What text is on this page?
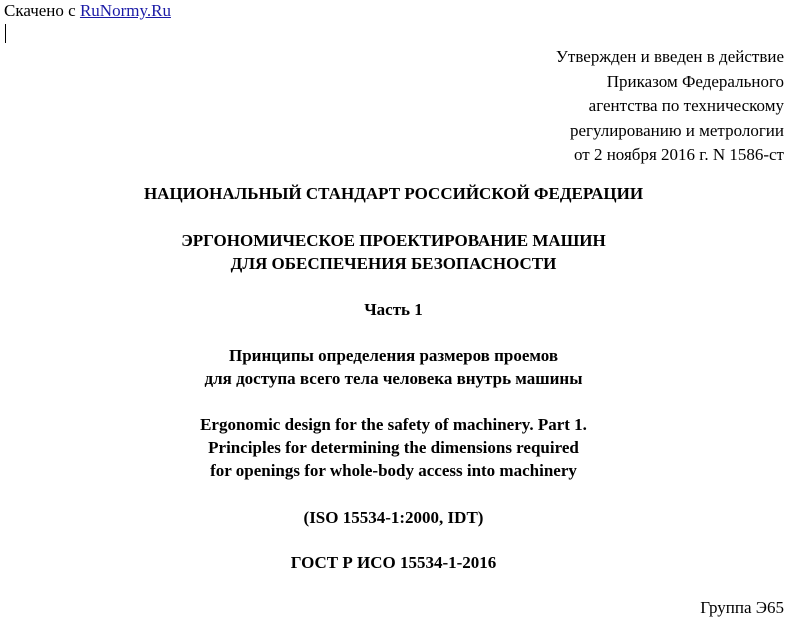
Скачено с RuNormy.Ru
Утвержден и введен в действие
Приказом Федерального
агентства по техническому
регулированию и метрологии
от 2 ноября 2016 г. N 1586-ст
НАЦИОНАЛЬНЫЙ СТАНДАРТ РОССИЙСКОЙ ФЕДЕРАЦИИ
ЭРГОНОМИЧЕСКОЕ ПРОЕКТИРОВАНИЕ МАШИН
ДЛЯ ОБЕСПЕЧЕНИЯ БЕЗОПАСНОСТИ
Часть 1
Принципы определения размеров проемов
для доступа всего тела человека внутрь машины
Ergonomic design for the safety of machinery. Part 1.
Principles for determining the dimensions required
for openings for whole-body access into machinery
(ISO 15534-1:2000, IDT)
ГОСТ Р ИСО 15534-1-2016
Группа Э65
